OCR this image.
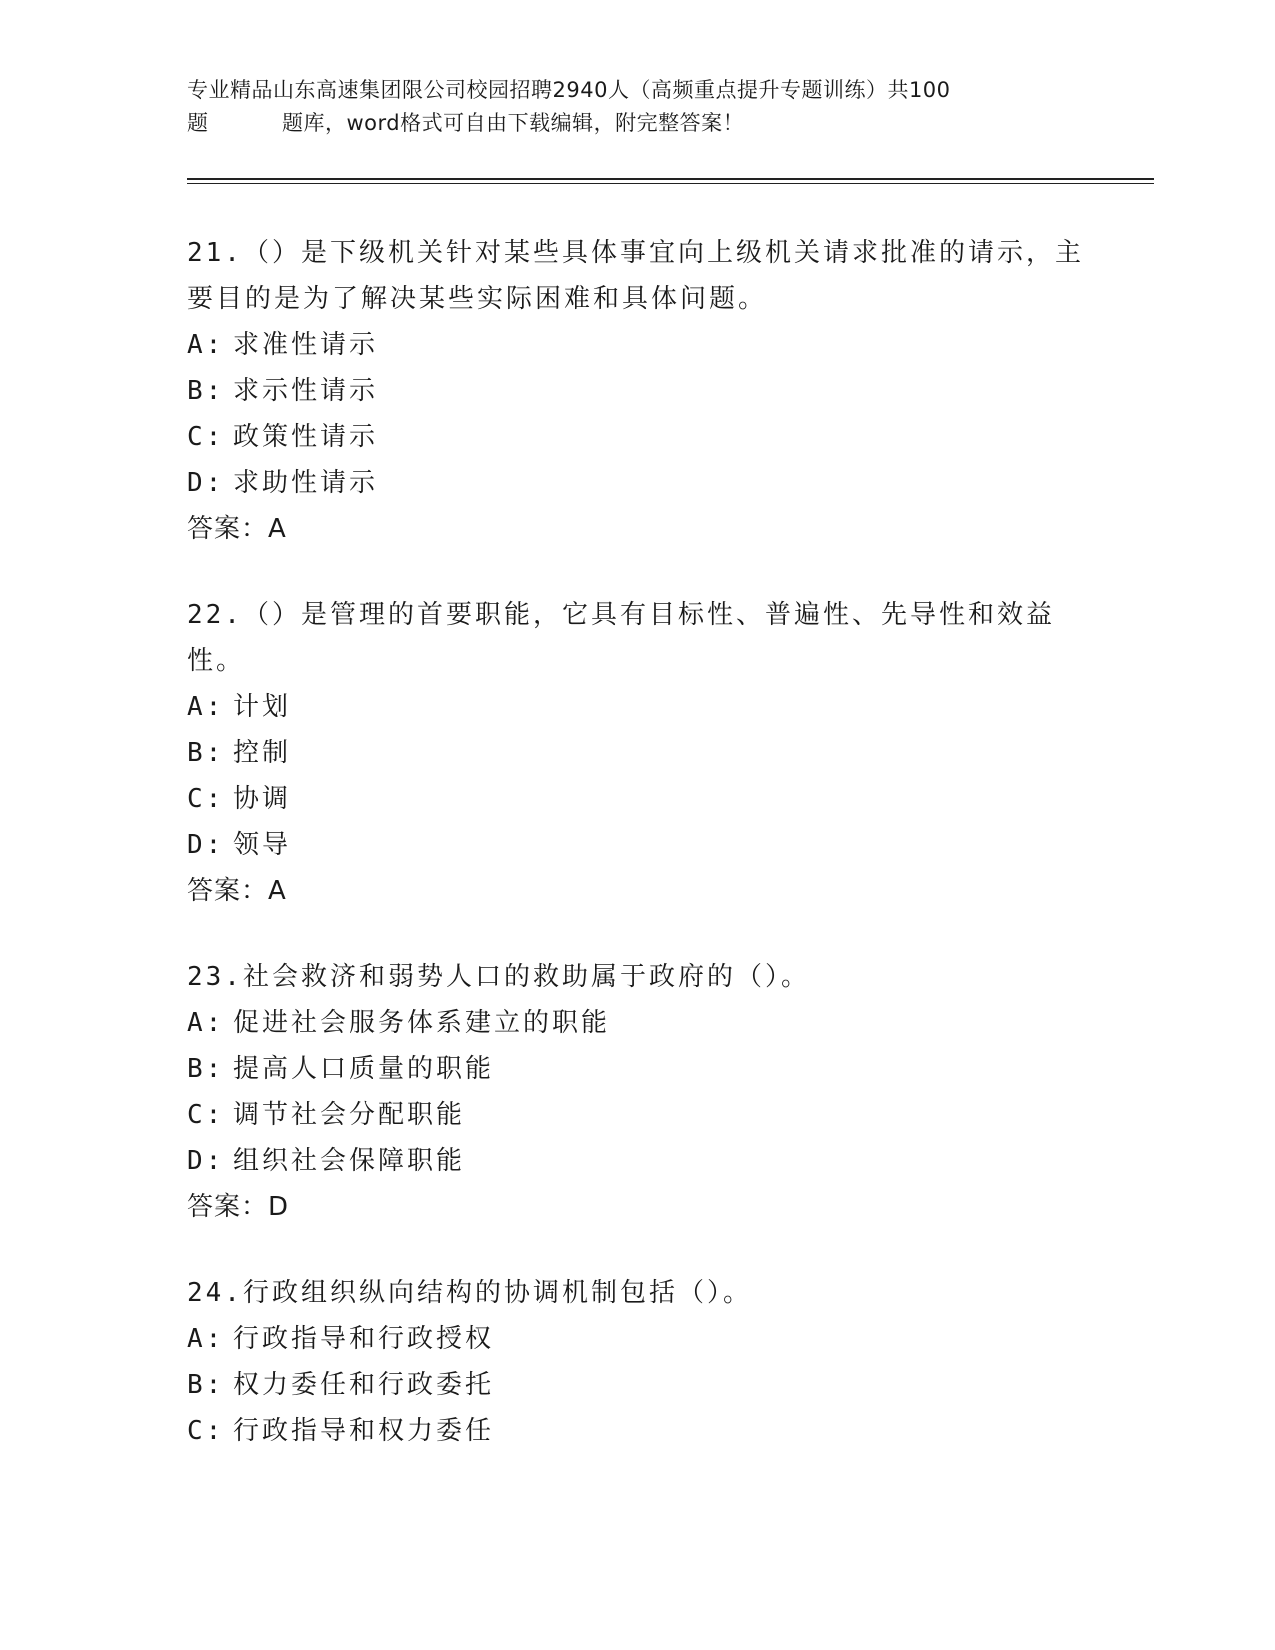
专业精品山东高速集团限公司校园招聘2940人（高频重点提升专题训练）共100
题	题库，word格式可自由下载编辑，附完整答案！

21.（）是下级机关针对某些具体事宜向上级机关请求批准的请示，主要目的是为了解决某些实际困难和具体问题。

A: 求准性请示
B: 求示性请示
C: 政策性请示
D: 求助性请示
答案：A

22.（）是管理的首要职能，它具有目标性、普遍性、先导性和效益性。

A: 计划
B: 控制
C: 协调
D: 领导
答案：A

23.社会救济和弱势人口的救助属于政府的（）。

A: 促进社会服务体系建立的职能
B: 提高人口质量的职能
C: 调节社会分配职能
D: 组织社会保障职能
答案：D

24.行政组织纵向结构的协调机制包括（）。

A: 行政指导和行政授权
B: 权力委任和行政委托
C: 行政指导和权力委任
